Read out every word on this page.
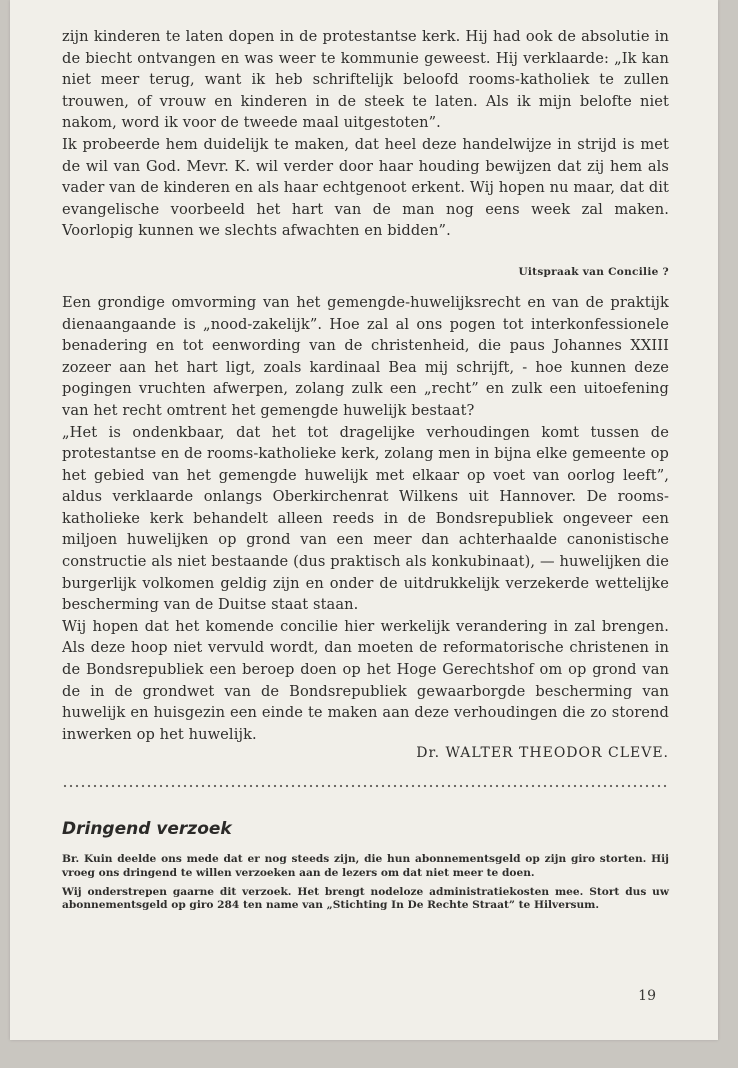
zijn kinderen te laten dopen in de protestantse kerk. Hij had ook de absolutie in de biecht ontvangen en was weer te kommunie geweest. Hij verklaarde: „Ik kan niet meer terug, want ik heb schriftelijk beloofd rooms-katholiek te zullen trouwen, of vrouw en kinderen in de steek te laten. Als ik mijn belofte niet nakom, word ik voor de tweede maal uitgestoten”.

Ik probeerde hem duidelijk te maken, dat heel deze handelwijze in strijd is met de wil van God. Mevr. K. wil verder door haar houding bewijzen dat zij hem als vader van de kinderen en als haar echtgenoot erkent. Wij hopen nu maar, dat dit evangelische voorbeeld het hart van de man nog eens week zal maken. Voorlopig kunnen we slechts afwachten en bidden”.

Uitspraak van Concilie ?

Een grondige omvorming van het gemengde-huwelijksrecht en van de praktijk dienaangaande is „nood-zakelijk”. Hoe zal al ons pogen tot interkonfessionele benadering en tot eenwording van de christenheid, die paus Johannes XXIII zozeer aan het hart ligt, zoals kardinaal Bea mij schrijft, - hoe kunnen deze pogingen vruchten afwerpen, zolang zulk een „recht” en zulk een uitoefening van het recht omtrent het gemengde huwelijk bestaat?

„Het is ondenkbaar, dat het tot dragelijke verhoudingen komt tussen de protestantse en de rooms-katholieke kerk, zolang men in bijna elke gemeente op het gebied van het gemengde huwelijk met elkaar op voet van oorlog leeft”, aldus verklaarde onlangs Oberkirchenrat Wilkens uit Hannover. De rooms-katholieke kerk behandelt alleen reeds in de Bondsrepubliek ongeveer een miljoen huwelijken op grond van een meer dan achterhaalde canonistische constructie als niet bestaande (dus praktisch als konkubinaat), — huwelijken die burgerlijk volkomen geldig zijn en onder de uitdrukkelijk verzekerde wettelijke bescherming van de Duitse staat staan.

Wij hopen dat het komende concilie hier werkelijk verandering in zal brengen. Als deze hoop niet vervuld wordt, dan moeten de reformatorische christenen in de Bondsrepubliek een beroep doen op het Hoge Gerechtshof om op grond van de in de grondwet van de Bondsrepubliek gewaarborgde bescherming van huwelijk en huisgezin een einde te maken aan deze verhoudingen die zo storend inwerken op het huwelijk.

Dr. WALTER THEODOR CLEVE.
Dringend verzoek

Br. Kuin deelde ons mede dat er nog steeds zijn, die hun abonnementsgeld op zijn giro storten. Hij vroeg ons dringend te willen verzoeken aan de lezers om dat niet meer te doen.

Wij onderstrepen gaarne dit verzoek. Het brengt nodeloze administratiekosten mee. Stort dus uw abonnementsgeld op giro 284 ten name van „Stichting In De Rechte Straat” te Hilversum.

19
